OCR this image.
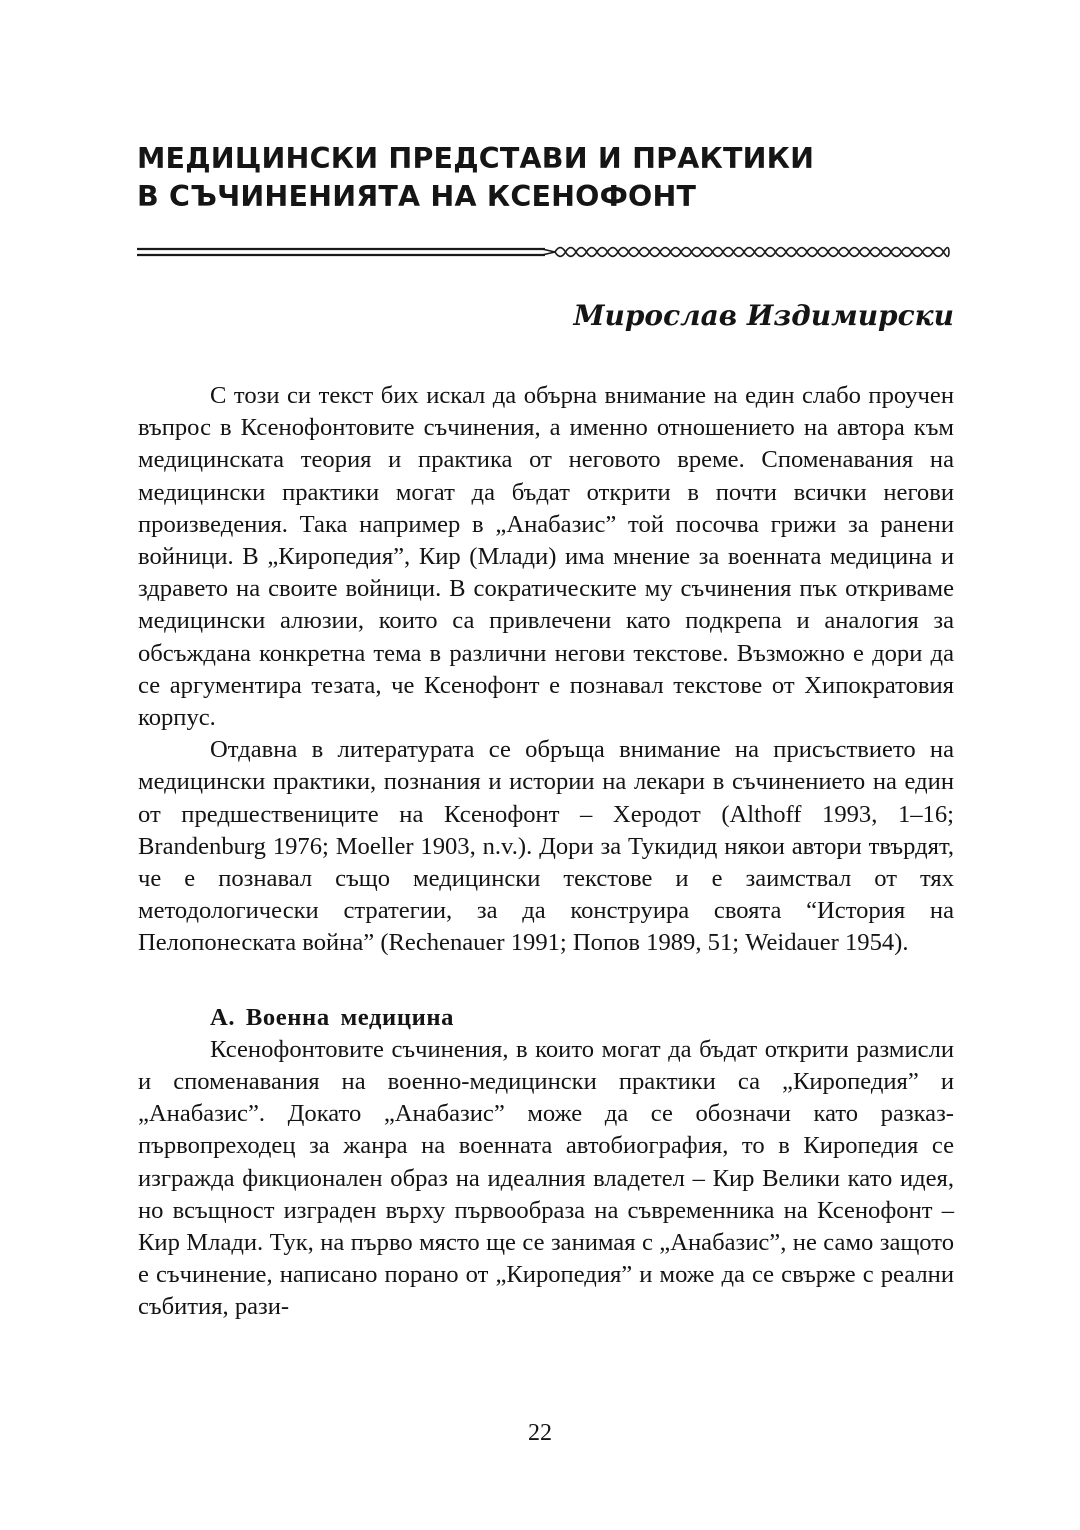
МЕДИЦИНСКИ ПРЕДСТАВИ И ПРАКТИКИ
В СЪЧИНЕНИЯТА НА КСЕНОФОНТ

Мирослав Издимирски

С този си текст бих искал да обърна внимание на един слабо проучен въпрос в Ксенофонтовите съчинения, а именно отношението на автора към медицинската теория и практика от неговото време. Споменавания на медицински практики могат да бъдат открити в почти всички негови произведения. Така например в „Анабазис” той посочва грижи за ранени войници. В „Киропедия”, Кир (Млади) има мнение за военната медицина и здравето на своите войници. В сократическите му съчинения пък откриваме медицински алюзии, които са привлечени като подкрепа и аналогия за обсъждана конкретна тема в различни негови текстове. Възможно е дори да се аргументира тезата, че Ксенофонт е познавал текстове от Хипократовия корпус.

Отдавна в литературата се обръща внимание на присъствието на медицински практики, познания и истории на лекари в съчинението на един от предшествениците на Ксенофонт – Херодот (Althoff 1993, 1–16; Brandenburg 1976; Moeller 1903, n.v.). Дори за Тукидид някои автори твърдят, че е познавал също медицински текстове и е заимствал от тях методологически стратегии, за да конструира своята “История на Пелопонеската война” (Rechenauer 1991; Попов 1989, 51; Weidauer 1954).

А. Военна медицина

Ксенофонтовите съчинения, в които могат да бъдат открити размисли и споменавания на военно-медицински практики са „Киропедия” и „Анабазис”. Докато „Анабазис” може да се обозначи като разказ-първопреходец за жанра на военната автобиография, то в Киропедия се изгражда фикционален образ на идеалния владетел – Кир Велики като идея, но всъщност изграден върху първообраза на съвременника на Ксенофонт – Кир Млади. Тук, на първо място ще се занимая с „Анабазис”, не само защото е съчинение, написано порано от „Киропедия” и може да се свърже с реални събития, рази-

22
